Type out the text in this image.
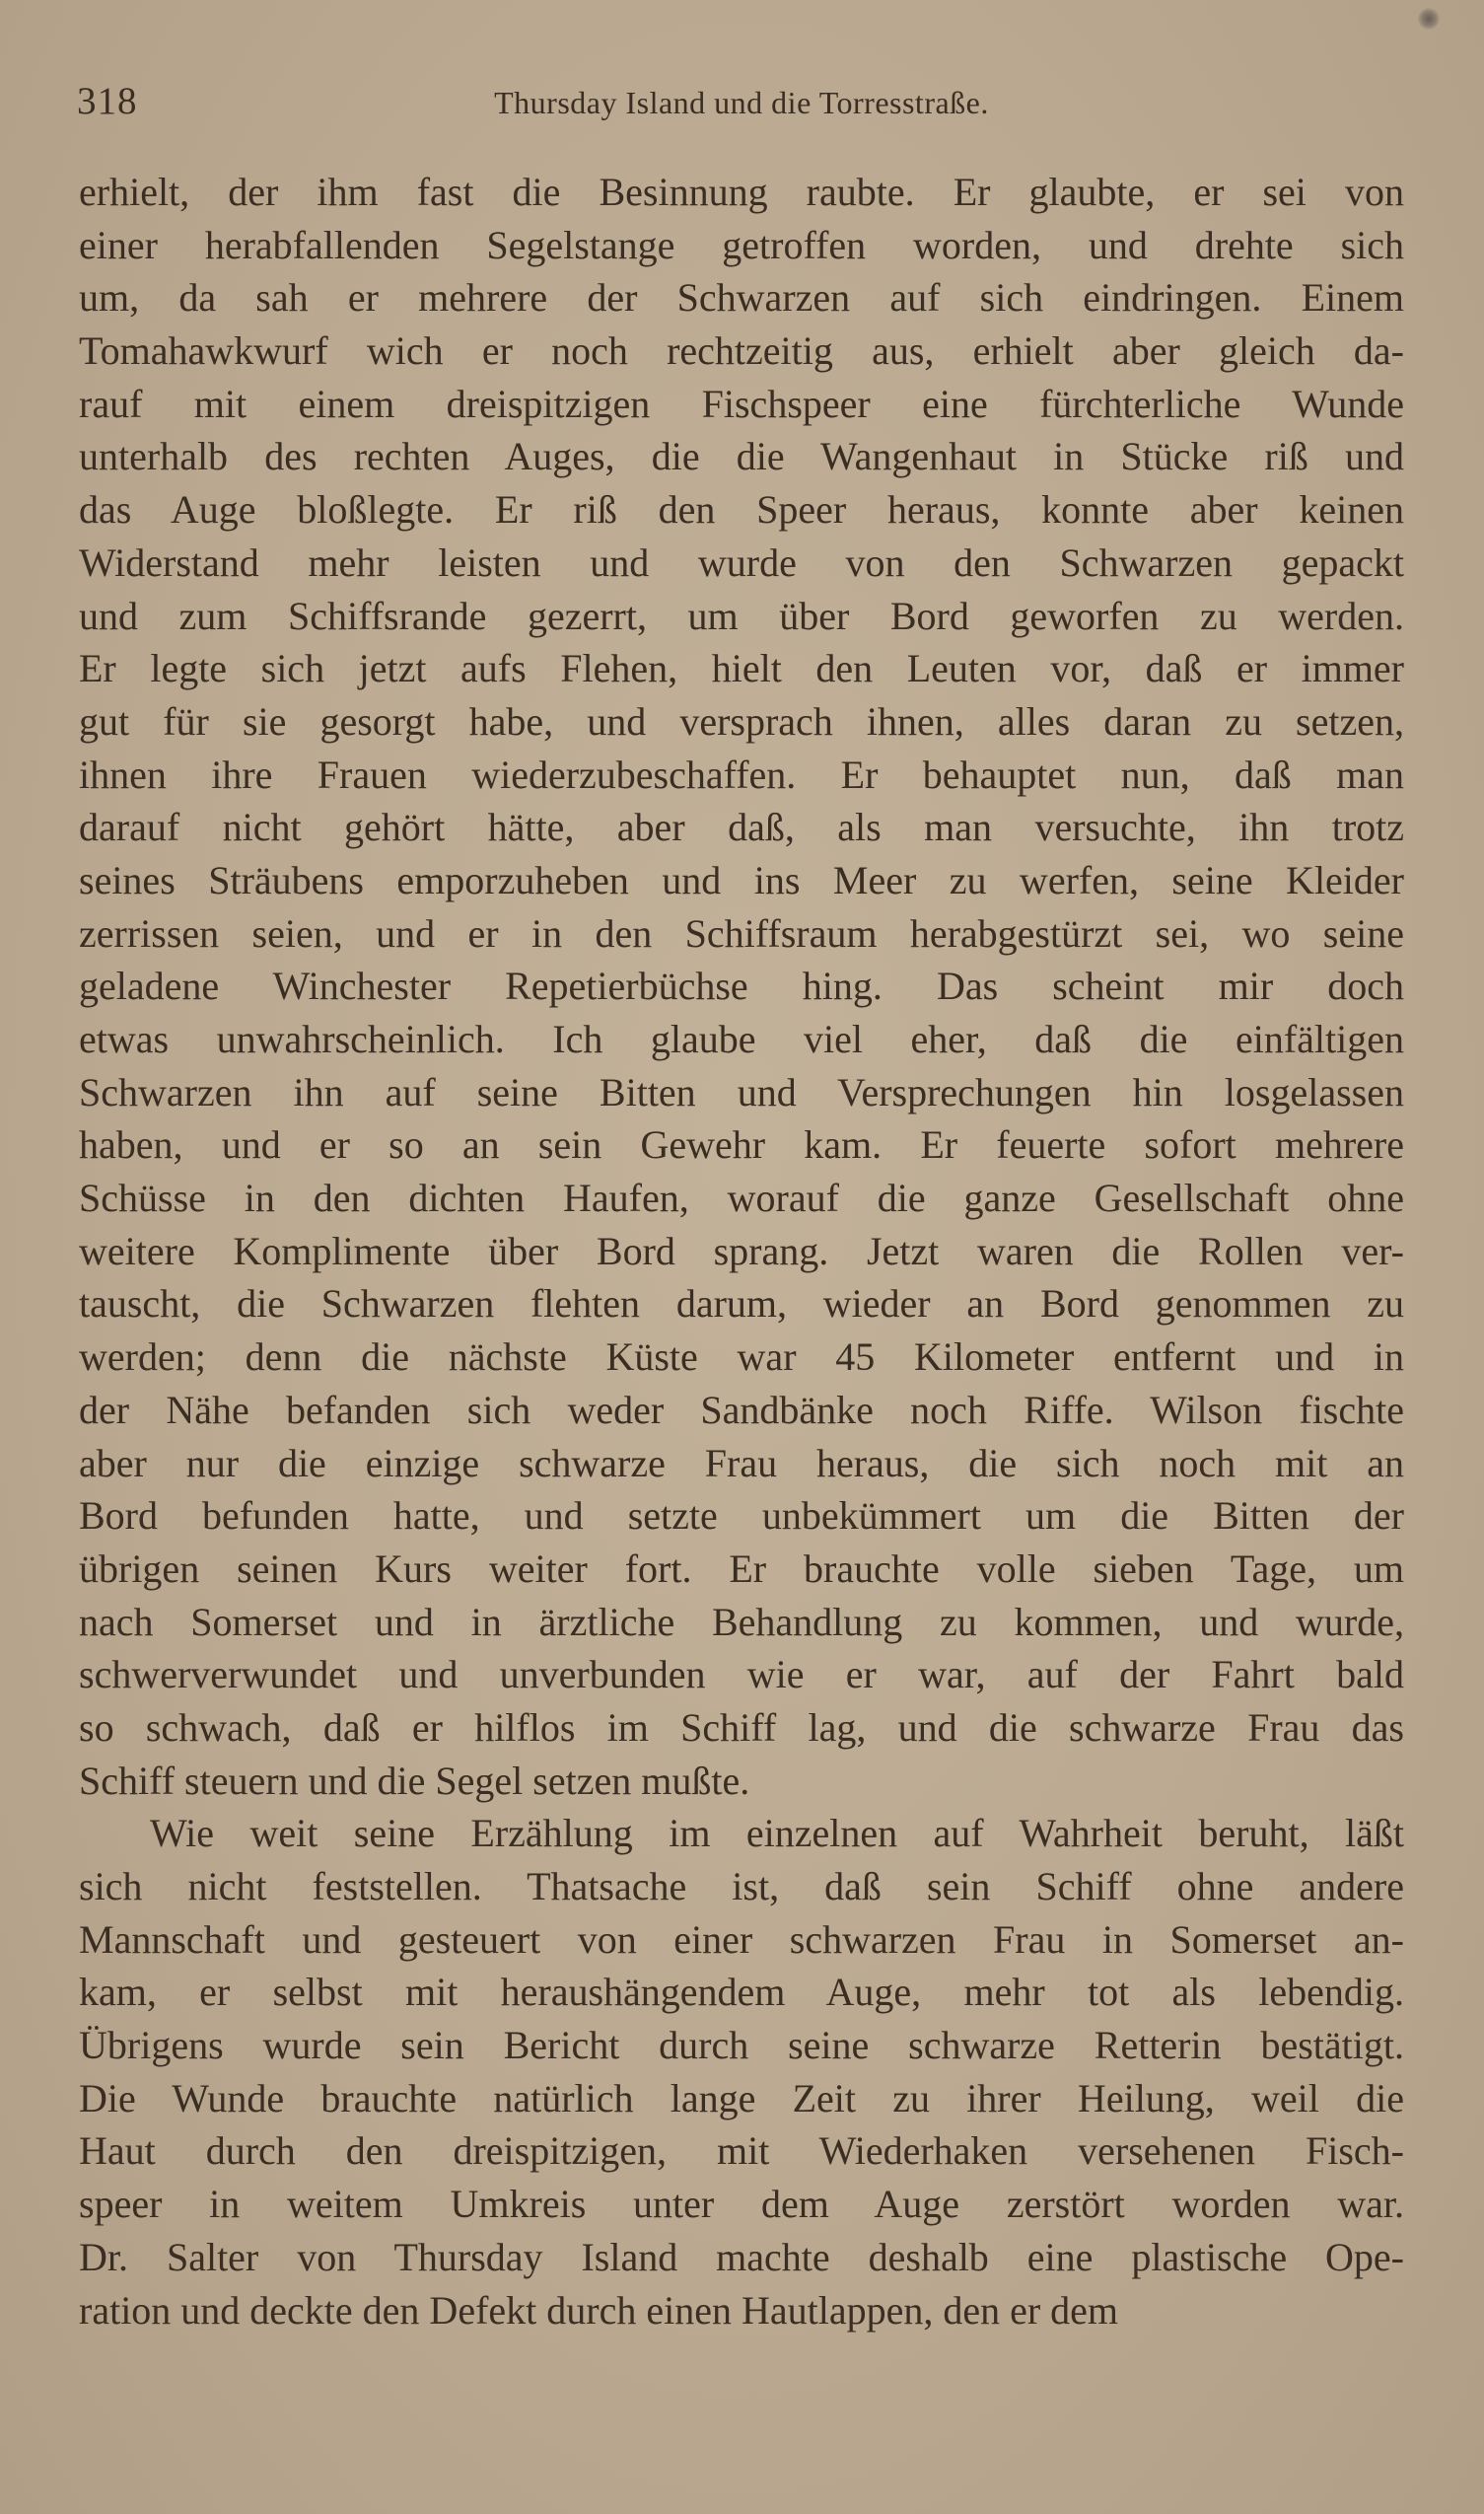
318	Thursday Island und die Torresstraße.
erhielt, der ihm fast die Besinnung raubte. Er glaubte, er sei von
einer herabfallenden Segelstange getroffen worden, und drehte sich
um, da sah er mehrere der Schwarzen auf sich eindringen. Einem
Tomahawkwurf wich er noch rechtzeitig aus, erhielt aber gleich da-
rauf mit einem dreispitzigen Fischspeer eine fürchterliche Wunde
unterhalb des rechten Auges, die die Wangenhaut in Stücke riß und
das Auge bloßlegte. Er riß den Speer heraus, konnte aber keinen
Widerstand mehr leisten und wurde von den Schwarzen gepackt
und zum Schiffsrande gezerrt, um über Bord geworfen zu werden.
Er legte sich jetzt aufs Flehen, hielt den Leuten vor, daß er immer
gut für sie gesorgt habe, und versprach ihnen, alles daran zu setzen,
ihnen ihre Frauen wiederzubeschaffen. Er behauptet nun, daß man
darauf nicht gehört hätte, aber daß, als man versuchte, ihn trotz
seines Sträubens emporzuheben und ins Meer zu werfen, seine Kleider
zerrissen seien, und er in den Schiffsraum herabgestürzt sei, wo seine
geladene Winchester Repetierbüchse hing. Das scheint mir doch
etwas unwahrscheinlich. Ich glaube viel eher, daß die einfältigen
Schwarzen ihn auf seine Bitten und Versprechungen hin losgelassen
haben, und er so an sein Gewehr kam. Er feuerte sofort mehrere
Schüsse in den dichten Haufen, worauf die ganze Gesellschaft ohne
weitere Komplimente über Bord sprang. Jetzt waren die Rollen ver-
tauscht, die Schwarzen flehten darum, wieder an Bord genommen zu
werden; denn die nächste Küste war 45 Kilometer entfernt und in
der Nähe befanden sich weder Sandbänke noch Riffe. Wilson fischte
aber nur die einzige schwarze Frau heraus, die sich noch mit an
Bord befunden hatte, und setzte unbekümmert um die Bitten der
übrigen seinen Kurs weiter fort. Er brauchte volle sieben Tage, um
nach Somerset und in ärztliche Behandlung zu kommen, und wurde,
schwerverwundet und unverbunden wie er war, auf der Fahrt bald
so schwach, daß er hilflos im Schiff lag, und die schwarze Frau das
Schiff steuern und die Segel setzen mußte.
Wie weit seine Erzählung im einzelnen auf Wahrheit beruht, läßt
sich nicht feststellen. Thatsache ist, daß sein Schiff ohne andere
Mannschaft und gesteuert von einer schwarzen Frau in Somerset an-
kam, er selbst mit heraushängendem Auge, mehr tot als lebendig.
Übrigens wurde sein Bericht durch seine schwarze Retterin bestätigt.
Die Wunde brauchte natürlich lange Zeit zu ihrer Heilung, weil die
Haut durch den dreispitzigen, mit Wiederhaken versehenen Fisch-
speer in weitem Umkreis unter dem Auge zerstört worden war.
Dr. Salter von Thursday Island machte deshalb eine plastische Ope-
ration und deckte den Defekt durch einen Hautlappen, den er dem
